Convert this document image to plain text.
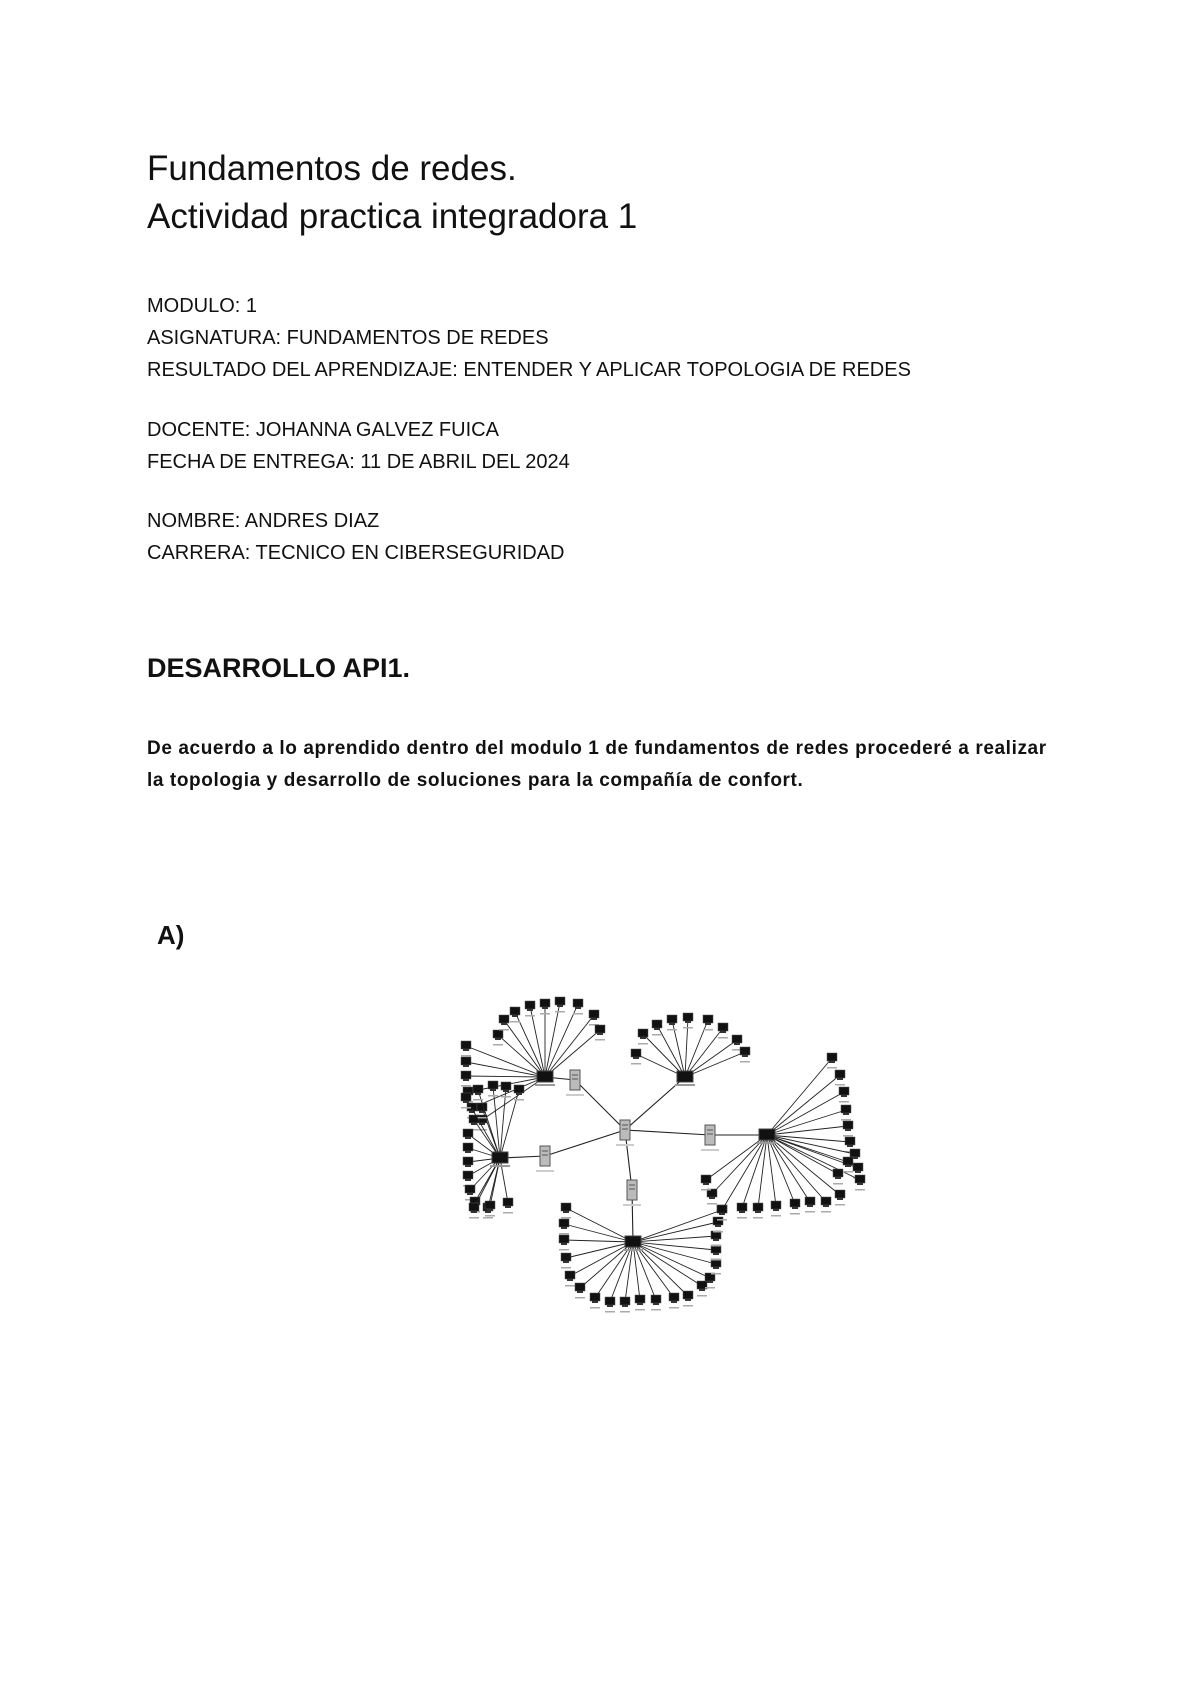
Fundamentos de redes.
Actividad practica integradora 1
MODULO: 1
ASIGNATURA: FUNDAMENTOS DE REDES
RESULTADO DEL APRENDIZAJE: ENTENDER Y APLICAR TOPOLOGIA DE REDES
DOCENTE: JOHANNA GALVEZ FUICA
FECHA DE ENTREGA: 11 DE ABRIL DEL 2024
NOMBRE: ANDRES DIAZ
CARRERA: TECNICO EN CIBERSEGURIDAD
DESARROLLO API1.

De acuerdo a lo aprendido dentro del modulo 1 de fundamentos de redes procederé a realizar la topologia y desarrollo de soluciones para la compañía de confort.

A)
